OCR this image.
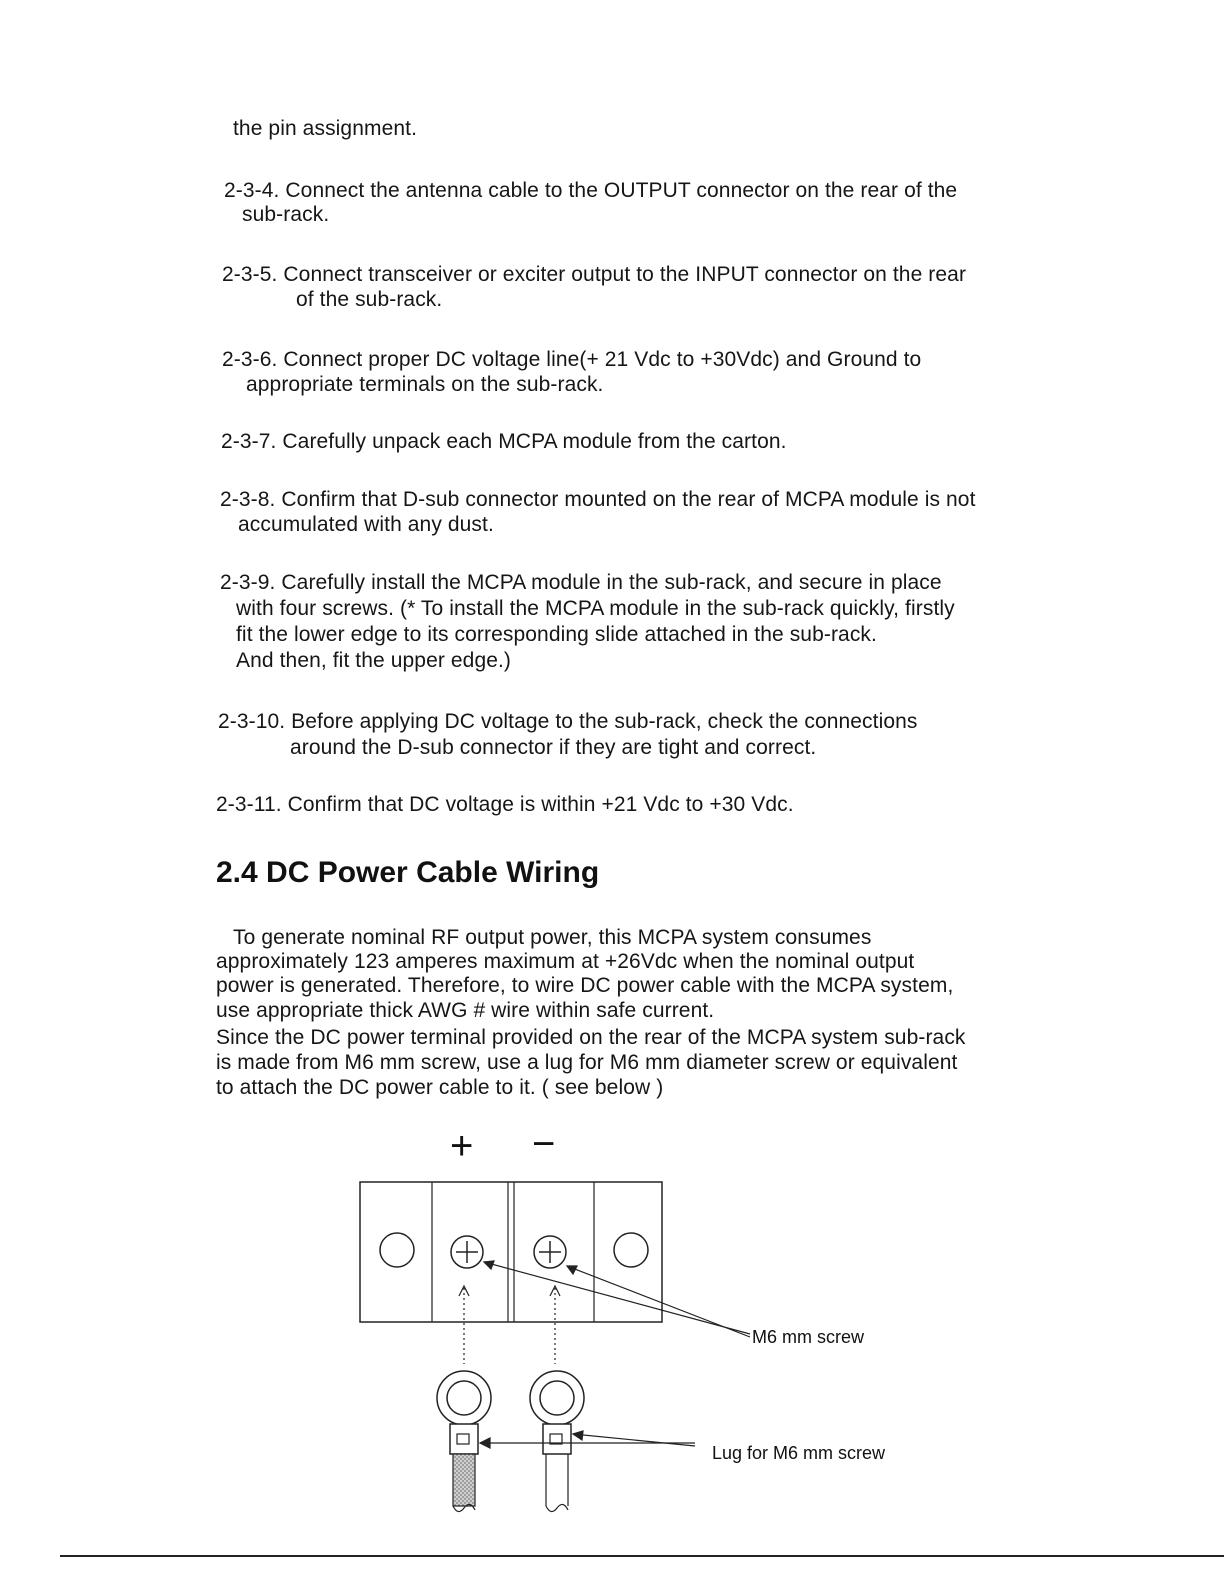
the pin assignment.
2-3-4. Connect the antenna cable to the OUTPUT connector on the rear of the
sub-rack.
2-3-5. Connect transceiver or exciter output to the INPUT connector on the rear
of the sub-rack.
2-3-6. Connect proper DC voltage line(+ 21 Vdc to +30Vdc) and Ground to
appropriate terminals on the sub-rack.
2-3-7. Carefully unpack each MCPA module from the carton.
2-3-8. Confirm that D-sub connector mounted on the rear of MCPA module is not
accumulated with any dust.
2-3-9. Carefully install the MCPA module in the sub-rack, and secure in place
with four screws. (* To install the MCPA module in the sub-rack quickly, firstly
fit the lower edge to its corresponding slide attached in the sub-rack.
And then, fit the upper edge.)
2-3-10. Before applying DC voltage to the sub-rack, check the connections
around the D-sub connector if they are tight and correct.
2-3-11. Confirm that DC voltage is within +21 Vdc to +30 Vdc.
2.4 DC Power Cable Wiring
To generate nominal RF output power, this MCPA system consumes
approximately 123 amperes maximum at +26Vdc when the nominal output
power is generated. Therefore, to wire DC power cable with the MCPA system,
use appropriate thick AWG # wire within safe current.
Since the DC power terminal provided on the rear of the MCPA system sub-rack
is made from M6 mm screw, use a lug for M6 mm diameter screw or equivalent
to attach the DC power cable to it. ( see below )
+ −
M6 mm screw
Lug for M6 mm screw
